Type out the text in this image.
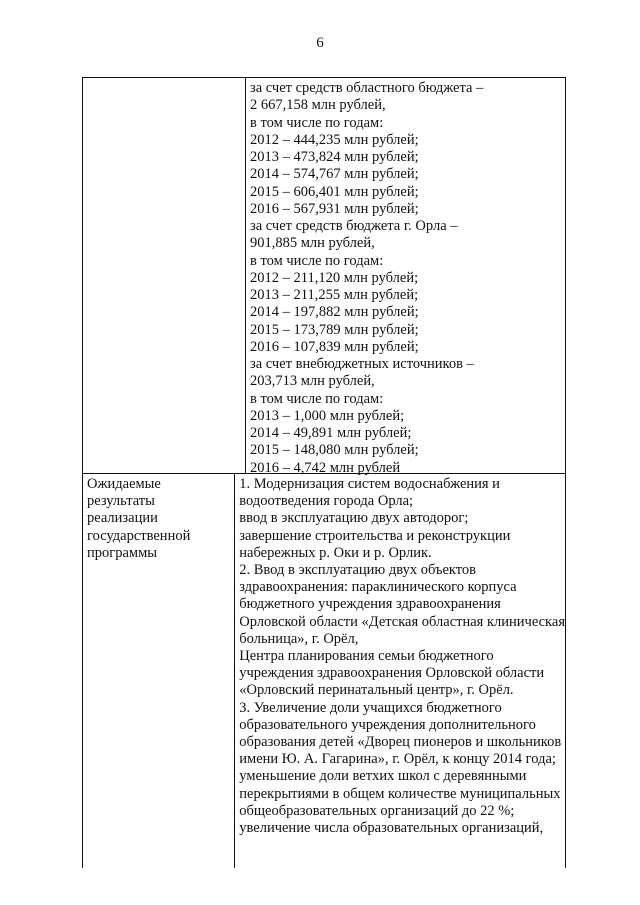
6
за счет средств областного бюджета –
2 667,158 млн рублей,
в том числе по годам:
2012 – 444,235 млн рублей;
2013 – 473,824 млн рублей;
2014 – 574,767 млн рублей;
2015 – 606,401 млн рублей;
2016 – 567,931 млн рублей;
за счет средств бюджета г. Орла –
901,885 млн рублей,
в том числе по годам:
2012 – 211,120 млн рублей;
2013 – 211,255 млн рублей;
2014 – 197,882 млн рублей;
2015 – 173,789 млн рублей;
2016 – 107,839 млн рублей;
за счет внебюджетных источников –
203,713 млн рублей,
в том числе по годам:
2013 – 1,000 млн рублей;
2014 – 49,891 млн рублей;
2015 – 148,080 млн рублей;
2016 – 4,742 млн рублей
Ожидаемые
результаты
реализации
государственной
программы
1. Модернизация систем водоснабжения и
водоотведения города Орла;
ввод в эксплуатацию двух автодорог;
завершение строительства и реконструкции
набережных р. Оки и р. Орлик.
2. Ввод в эксплуатацию двух объектов
здравоохранения: параклинического корпуса
бюджетного учреждения здравоохранения
Орловской области «Детская областная клиническая
больница», г. Орёл,
Центра планирования семьи бюджетного
учреждения здравоохранения Орловской области
«Орловский перинатальный центр», г. Орёл.
3. Увеличение доли учащихся бюджетного
образовательного учреждения дополнительного
образования детей «Дворец пионеров и школьников
имени Ю. А. Гагарина», г. Орёл, к концу 2014 года;
уменьшение доли ветхих школ с деревянными
перекрытиями в общем количестве муниципальных
общеобразовательных организаций до 22 %;
увеличение числа образовательных организаций,
